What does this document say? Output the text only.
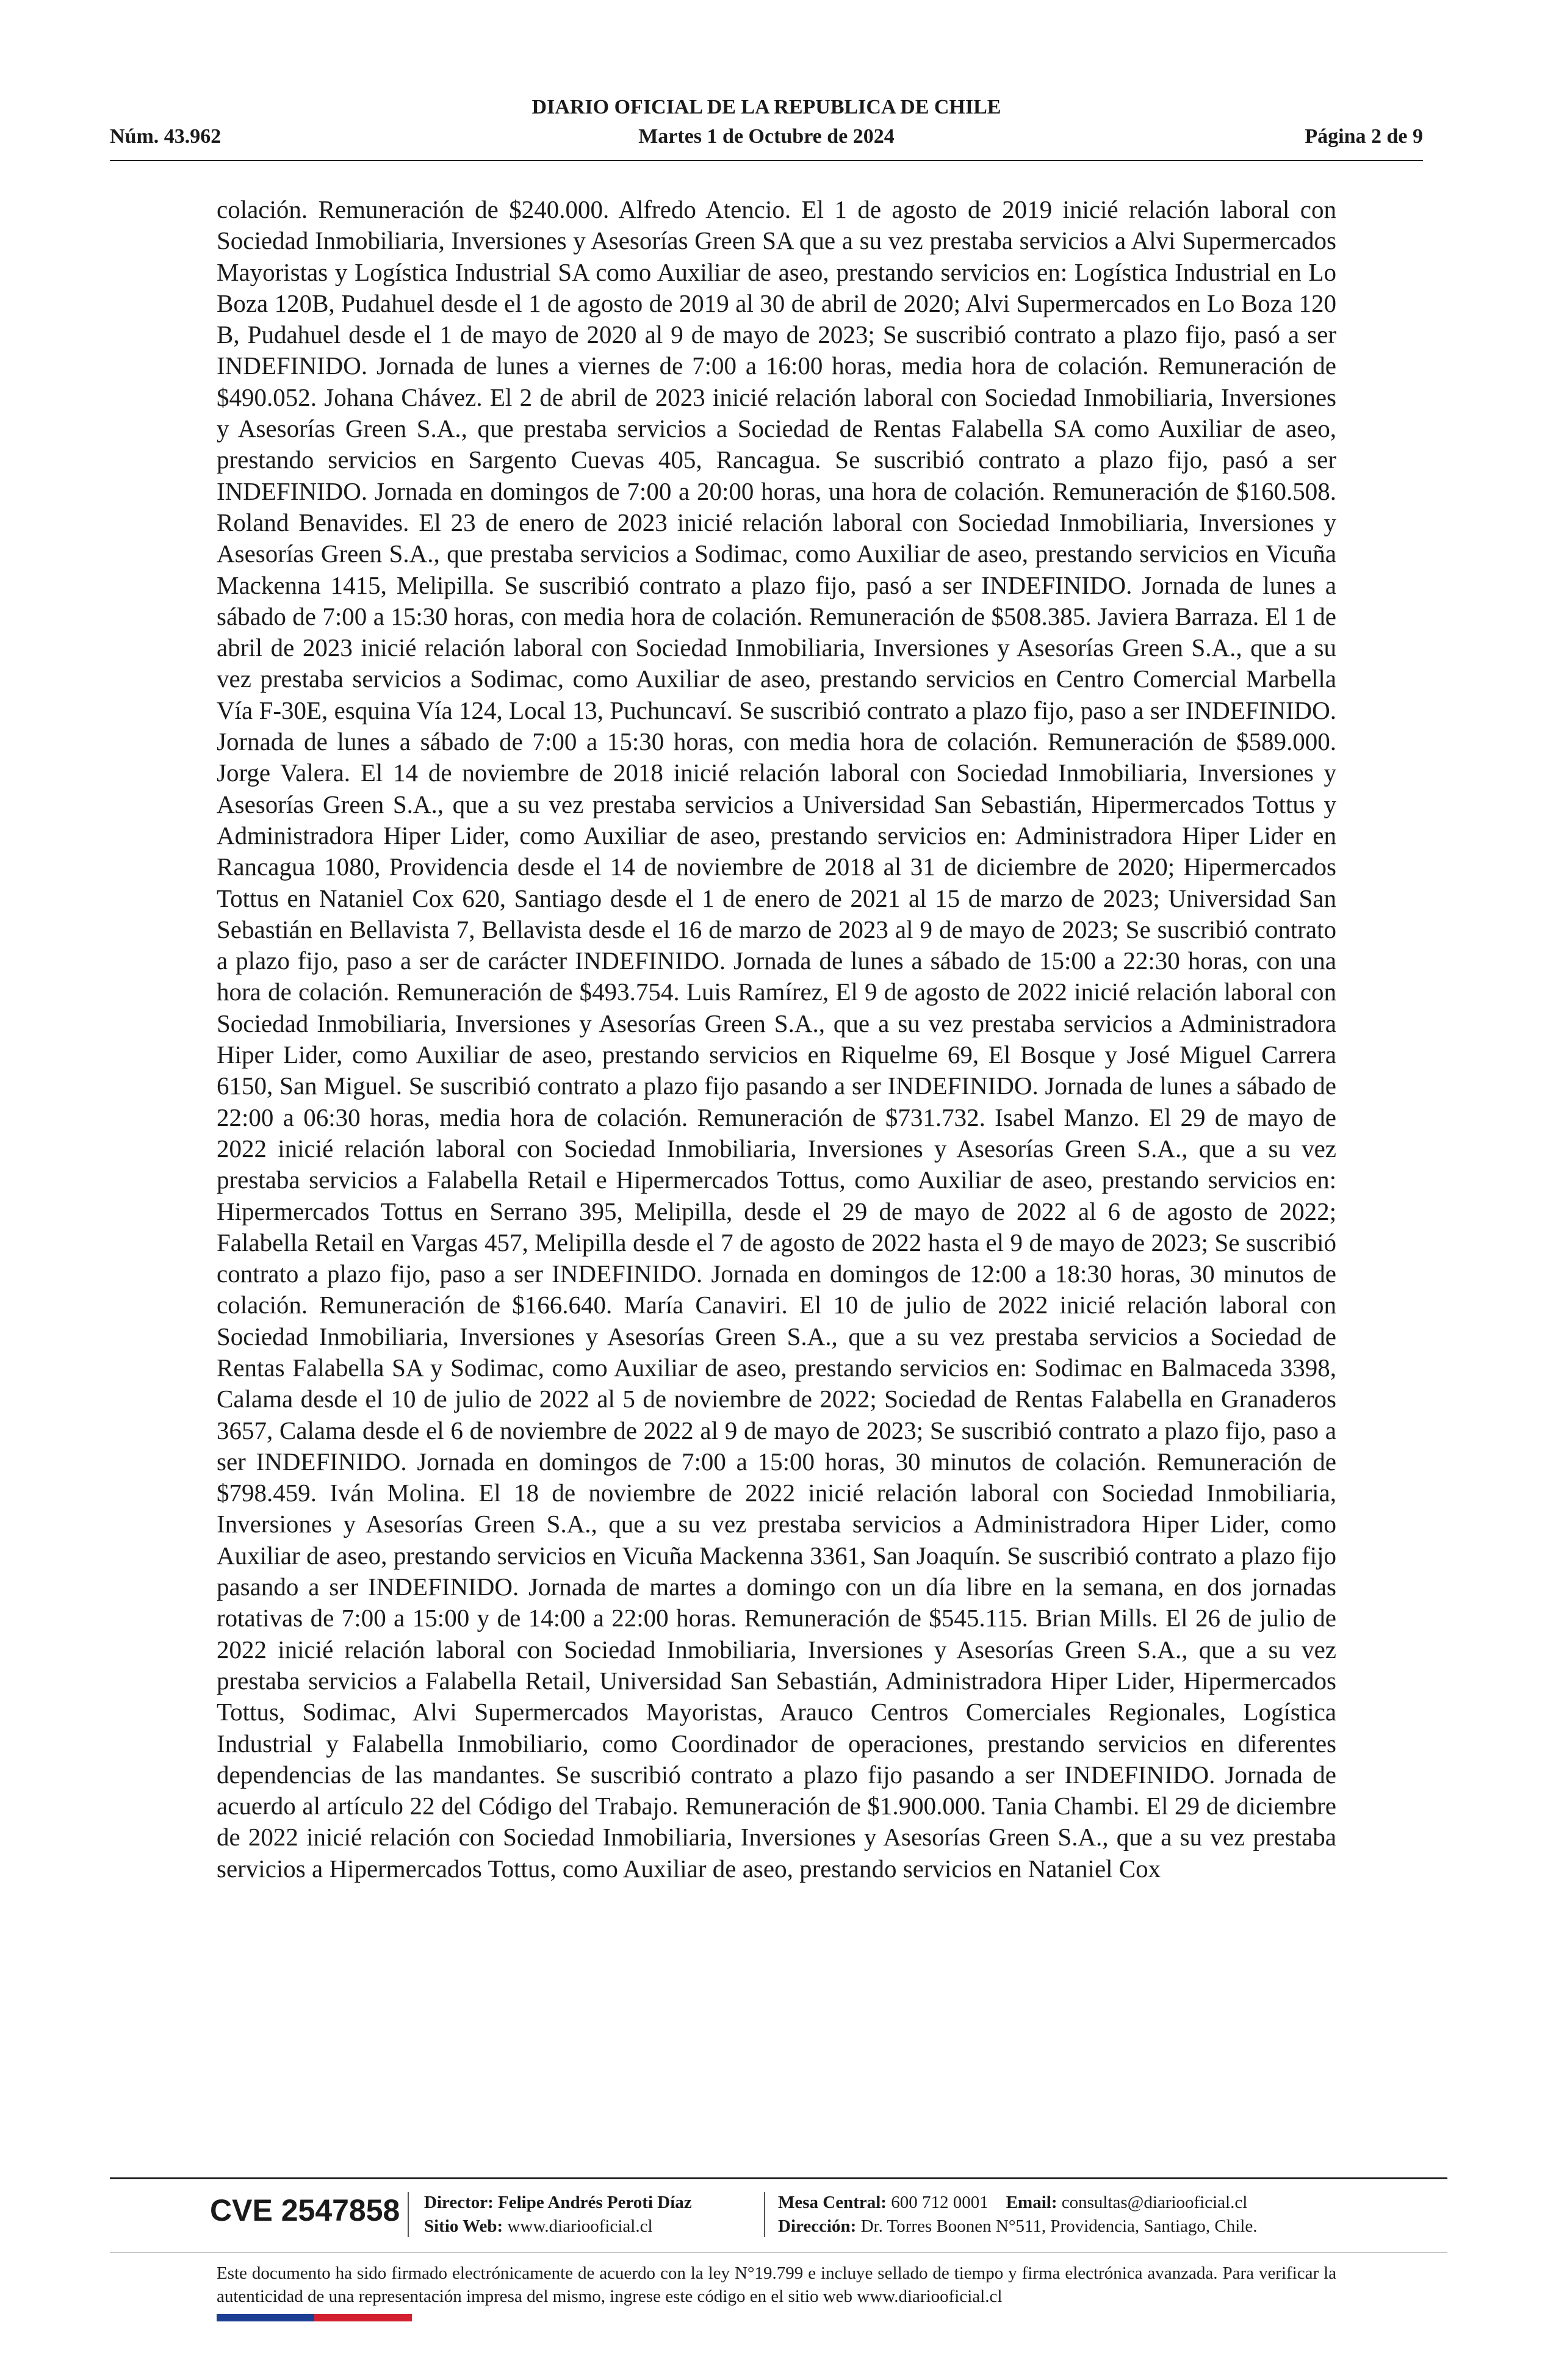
DIARIO OFICIAL DE LA REPUBLICA DE CHILE
Martes 1 de Octubre de 2024
Núm. 43.962	Página 2 de 9
colación. Remuneración de $240.000. Alfredo Atencio. El 1 de agosto de 2019 inicié relación laboral con Sociedad Inmobiliaria, Inversiones y Asesorías Green SA que a su vez prestaba servicios a Alvi Supermercados Mayoristas y Logística Industrial SA como Auxiliar de aseo, prestando servicios en: Logística Industrial en Lo Boza 120B, Pudahuel desde el 1 de agosto de 2019 al 30 de abril de 2020; Alvi Supermercados en Lo Boza 120 B, Pudahuel desde el 1 de mayo de 2020 al 9 de mayo de 2023; Se suscribió contrato a plazo fijo, pasó a ser INDEFINIDO. Jornada de lunes a viernes de 7:00 a 16:00 horas, media hora de colación. Remuneración de $490.052. Johana Chávez. El 2 de abril de 2023 inicié relación laboral con Sociedad Inmobiliaria, Inversiones y Asesorías Green S.A., que prestaba servicios a Sociedad de Rentas Falabella SA como Auxiliar de aseo, prestando servicios en Sargento Cuevas 405, Rancagua. Se suscribió contrato a plazo fijo, pasó a ser INDEFINIDO. Jornada en domingos de 7:00 a 20:00 horas, una hora de colación. Remuneración de $160.508. Roland Benavides. El 23 de enero de 2023 inicié relación laboral con Sociedad Inmobiliaria, Inversiones y Asesorías Green S.A., que prestaba servicios a Sodimac, como Auxiliar de aseo, prestando servicios en Vicuña Mackenna 1415, Melipilla. Se suscribió contrato a plazo fijo, pasó a ser INDEFINIDO. Jornada de lunes a sábado de 7:00 a 15:30 horas, con media hora de colación. Remuneración de $508.385. Javiera Barraza. El 1 de abril de 2023 inicié relación laboral con Sociedad Inmobiliaria, Inversiones y Asesorías Green S.A., que a su vez prestaba servicios a Sodimac, como Auxiliar de aseo, prestando servicios en Centro Comercial Marbella Vía F-30E, esquina Vía 124, Local 13, Puchuncaví. Se suscribió contrato a plazo fijo, paso a ser INDEFINIDO. Jornada de lunes a sábado de 7:00 a 15:30 horas, con media hora de colación. Remuneración de $589.000. Jorge Valera. El 14 de noviembre de 2018 inicié relación laboral con Sociedad Inmobiliaria, Inversiones y Asesorías Green S.A., que a su vez prestaba servicios a Universidad San Sebastián, Hipermercados Tottus y Administradora Hiper Lider, como Auxiliar de aseo, prestando servicios en: Administradora Hiper Lider en Rancagua 1080, Providencia desde el 14 de noviembre de 2018 al 31 de diciembre de 2020; Hipermercados Tottus en Nataniel Cox 620, Santiago desde el 1 de enero de 2021 al 15 de marzo de 2023; Universidad San Sebastián en Bellavista 7, Bellavista desde el 16 de marzo de 2023 al 9 de mayo de 2023; Se suscribió contrato a plazo fijo, paso a ser de carácter INDEFINIDO. Jornada de lunes a sábado de 15:00 a 22:30 horas, con una hora de colación. Remuneración de $493.754. Luis Ramírez, El 9 de agosto de 2022 inicié relación laboral con Sociedad Inmobiliaria, Inversiones y Asesorías Green S.A., que a su vez prestaba servicios a Administradora Hiper Lider, como Auxiliar de aseo, prestando servicios en Riquelme 69, El Bosque y José Miguel Carrera 6150, San Miguel. Se suscribió contrato a plazo fijo pasando a ser INDEFINIDO. Jornada de lunes a sábado de 22:00 a 06:30 horas, media hora de colación. Remuneración de $731.732. Isabel Manzo. El 29 de mayo de 2022 inicié relación laboral con Sociedad Inmobiliaria, Inversiones y Asesorías Green S.A., que a su vez prestaba servicios a Falabella Retail e Hipermercados Tottus, como Auxiliar de aseo, prestando servicios en: Hipermercados Tottus en Serrano 395, Melipilla, desde el 29 de mayo de 2022 al 6 de agosto de 2022; Falabella Retail en Vargas 457, Melipilla desde el 7 de agosto de 2022 hasta el 9 de mayo de 2023; Se suscribió contrato a plazo fijo, paso a ser INDEFINIDO. Jornada en domingos de 12:00 a 18:30 horas, 30 minutos de colación. Remuneración de $166.640. María Canaviri. El 10 de julio de 2022 inicié relación laboral con Sociedad Inmobiliaria, Inversiones y Asesorías Green S.A., que a su vez prestaba servicios a Sociedad de Rentas Falabella SA y Sodimac, como Auxiliar de aseo, prestando servicios en: Sodimac en Balmaceda 3398, Calama desde el 10 de julio de 2022 al 5 de noviembre de 2022; Sociedad de Rentas Falabella en Granaderos 3657, Calama desde el 6 de noviembre de 2022 al 9 de mayo de 2023; Se suscribió contrato a plazo fijo, paso a ser INDEFINIDO. Jornada en domingos de 7:00 a 15:00 horas, 30 minutos de colación. Remuneración de $798.459. Iván Molina. El 18 de noviembre de 2022 inicié relación laboral con Sociedad Inmobiliaria, Inversiones y Asesorías Green S.A., que a su vez prestaba servicios a Administradora Hiper Lider, como Auxiliar de aseo, prestando servicios en Vicuña Mackenna 3361, San Joaquín. Se suscribió contrato a plazo fijo pasando a ser INDEFINIDO. Jornada de martes a domingo con un día libre en la semana, en dos jornadas rotativas de 7:00 a 15:00 y de 14:00 a 22:00 horas. Remuneración de $545.115. Brian Mills. El 26 de julio de 2022 inicié relación laboral con Sociedad Inmobiliaria, Inversiones y Asesorías Green S.A., que a su vez prestaba servicios a Falabella Retail, Universidad San Sebastián, Administradora Hiper Lider, Hipermercados Tottus, Sodimac, Alvi Supermercados Mayoristas, Arauco Centros Comerciales Regionales, Logística Industrial y Falabella Inmobiliario, como Coordinador de operaciones, prestando servicios en diferentes dependencias de las mandantes. Se suscribió contrato a plazo fijo pasando a ser INDEFINIDO. Jornada de acuerdo al artículo 22 del Código del Trabajo. Remuneración de $1.900.000. Tania Chambi. El 29 de diciembre de 2022 inicié relación con Sociedad Inmobiliaria, Inversiones y Asesorías Green S.A., que a su vez prestaba servicios a Hipermercados Tottus, como Auxiliar de aseo, prestando servicios en Nataniel Cox
CVE 2547858 Director: Felipe Andrés Peroti Díaz
Sitio Web: www.diariooficial.cl
Mesa Central: 600 712 0001 Email: consultas@diariooficial.cl
Dirección: Dr. Torres Boonen N°511, Providencia, Santiago, Chile.
Este documento ha sido firmado electrónicamente de acuerdo con la ley N°19.799 e incluye sellado de tiempo y firma electrónica avanzada. Para verificar la autenticidad de una representación impresa del mismo, ingrese este código en el sitio web www.diariooficial.cl
